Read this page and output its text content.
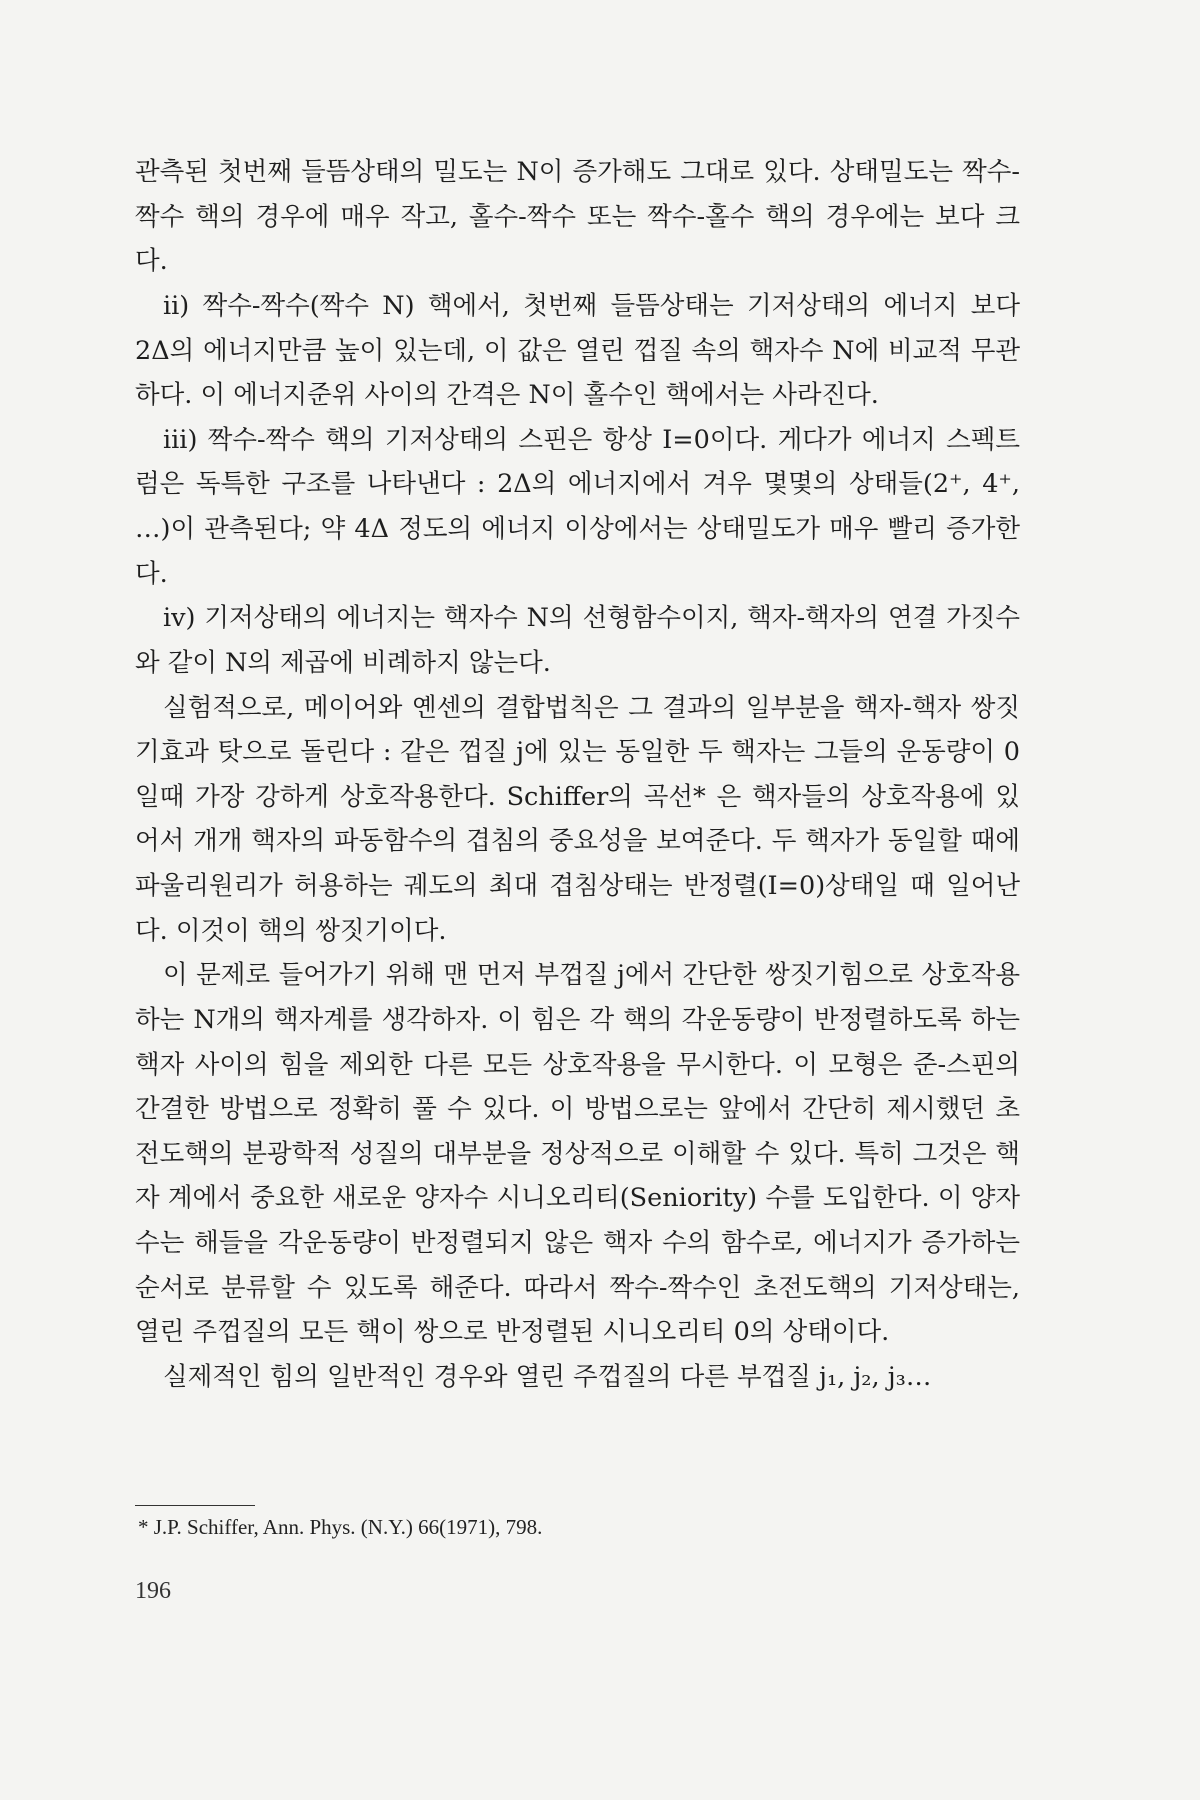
관측된 첫번째 들뜸상태의 밀도는 N이 증가해도 그대로 있다. 상태밀도는 짝수-짝수 핵의 경우에 매우 작고, 홀수-짝수 또는 짝수-홀수 핵의 경우에는 보다 크다.

ii) 짝수-짝수(짝수 N) 핵에서, 첫번째 들뜸상태는 기저상태의 에너지 보다 2Δ의 에너지만큼 높이 있는데, 이 값은 열린 껍질 속의 핵자수 N에 비교적 무관하다. 이 에너지준위 사이의 간격은 N이 홀수인 핵에서는 사라진다.

iii) 짝수-짝수 핵의 기저상태의 스핀은 항상 I=0이다. 게다가 에너지 스펙트럼은 독특한 구조를 나타낸다 : 2Δ의 에너지에서 겨우 몇몇의 상태들(2⁺, 4⁺, …)이 관측된다; 약 4Δ 정도의 에너지 이상에서는 상태밀도가 매우 빨리 증가한다.

iv) 기저상태의 에너지는 핵자수 N의 선형함수이지, 핵자-핵자의 연결 가짓수와 같이 N의 제곱에 비례하지 않는다.

실험적으로, 메이어와 옌센의 결합법칙은 그 결과의 일부분을 핵자-핵자 쌍짓기효과 탓으로 돌린다 : 같은 껍질 j에 있는 동일한 두 핵자는 그들의 운동량이 0일때 가장 강하게 상호작용한다. Schiffer의 곡선* 은 핵자들의 상호작용에 있어서 개개 핵자의 파동함수의 겹침의 중요성을 보여준다. 두 핵자가 동일할 때에 파울리원리가 허용하는 궤도의 최대 겹침상태는 반정렬(I=0)상태일 때 일어난다. 이것이 핵의 쌍짓기이다.

이 문제로 들어가기 위해 맨 먼저 부껍질 j에서 간단한 쌍짓기힘으로 상호작용하는 N개의 핵자계를 생각하자. 이 힘은 각 핵의 각운동량이 반정렬하도록 하는 핵자 사이의 힘을 제외한 다른 모든 상호작용을 무시한다. 이 모형은 준-스핀의 간결한 방법으로 정확히 풀 수 있다. 이 방법으로는 앞에서 간단히 제시했던 초전도핵의 분광학적 성질의 대부분을 정상적으로 이해할 수 있다. 특히 그것은 핵자 계에서 중요한 새로운 양자수 시니오리티(Seniority) 수를 도입한다. 이 양자수는 해들을 각운동량이 반정렬되지 않은 핵자 수의 함수로, 에너지가 증가하는 순서로 분류할 수 있도록 해준다. 따라서 짝수-짝수인 초전도핵의 기저상태는, 열린 주껍질의 모든 핵이 쌍으로 반정렬된 시니오리티 0의 상태이다.

실제적인 힘의 일반적인 경우와 열린 주껍질의 다른 부껍질 j₁, j₂, j₃…

* J.P. Schiffer, Ann. Phys. (N.Y.) 66(1971), 798.
196
